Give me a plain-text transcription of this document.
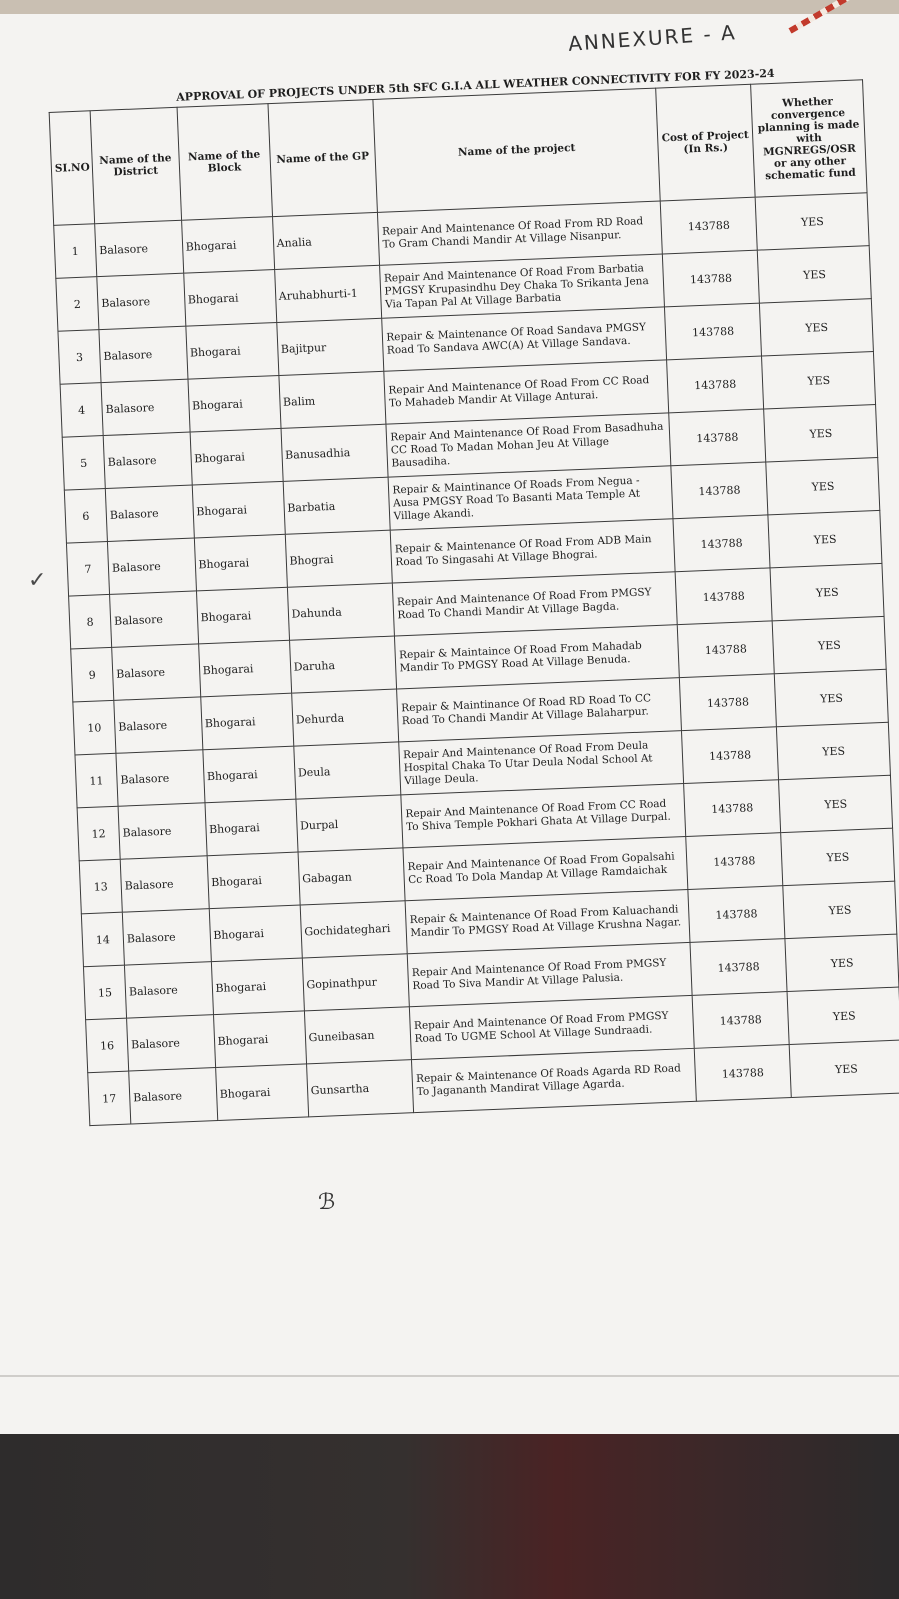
ANNEXURE - A
✓
ℬ
APPROVAL OF PROJECTS UNDER 5th SFC G.I.A ALL WEATHER CONNECTIVITY FOR FY 2023-24
SI.NO	Name of the District	Name of the Block	Name of the GP	Name of the project	Cost of Project (In Rs.)	Whether convergence planning is made with MGNREGS/OSR or any other schematic fund
1	Balasore	Bhogarai	Analia	Repair And Maintenance Of Road From RD Road To Gram Chandi Mandir At Village Nisanpur.	143788	YES
2	Balasore	Bhogarai	Aruhabhurti-1	Repair And Maintenance Of Road From Barbatia PMGSY Krupasindhu Dey Chaka To Srikanta Jena Via Tapan Pal At Village Barbatia	143788	YES
3	Balasore	Bhogarai	Bajitpur	Repair & Maintenance Of Road Sandava PMGSY Road To Sandava AWC(A) At Village Sandava.	143788	YES
4	Balasore	Bhogarai	Balim	Repair And Maintenance Of Road From CC Road To Mahadeb Mandir At Village Anturai.	143788	YES
5	Balasore	Bhogarai	Banusadhia	Repair And Maintenance Of Road From Basadhuha CC Road To Madan Mohan Jeu At Village Bausadiha.	143788	YES
6	Balasore	Bhogarai	Barbatia	Repair & Maintinance Of Roads From Negua - Ausa PMGSY Road To Basanti Mata Temple At Village Akandi.	143788	YES
7	Balasore	Bhogarai	Bhograi	Repair & Maintenance Of Road From ADB Main Road To Singasahi At Village Bhograi.	143788	YES
8	Balasore	Bhogarai	Dahunda	Repair And Maintenance Of Road From PMGSY Road To Chandi Mandir At Village Bagda.	143788	YES
9	Balasore	Bhogarai	Daruha	Repair & Maintaince Of Road From Mahadab Mandir To PMGSY Road At Village Benuda.	143788	YES
10	Balasore	Bhogarai	Dehurda	Repair & Maintinance Of Road RD Road To CC Road To Chandi Mandir At Village Balaharpur.	143788	YES
11	Balasore	Bhogarai	Deula	Repair And Maintenance Of Road From Deula Hospital Chaka To Utar Deula Nodal School At Village Deula.	143788	YES
12	Balasore	Bhogarai	Durpal	Repair And Maintenance Of Road From CC Road To Shiva Temple Pokhari Ghata At Village Durpal.	143788	YES
13	Balasore	Bhogarai	Gabagan	Repair And Maintenance Of Road From Gopalsahi Cc Road To Dola Mandap At Village Ramdaichak	143788	YES
14	Balasore	Bhogarai	Gochidateghari	Repair & Maintenance Of Road From Kaluachandi Mandir To PMGSY Road At Village Krushna Nagar.	143788	YES
15	Balasore	Bhogarai	Gopinathpur	Repair And Maintenance Of Road From PMGSY Road To Siva Mandir At Village Palusia.	143788	YES
16	Balasore	Bhogarai	Guneibasan	Repair And Maintenance Of Road From PMGSY Road To UGME School At Village Sundraadi.	143788	YES
17	Balasore	Bhogarai	Gunsartha	Repair & Maintenance Of Roads Agarda RD Road To Jagananth Mandirat Village Agarda.	143788	YES
